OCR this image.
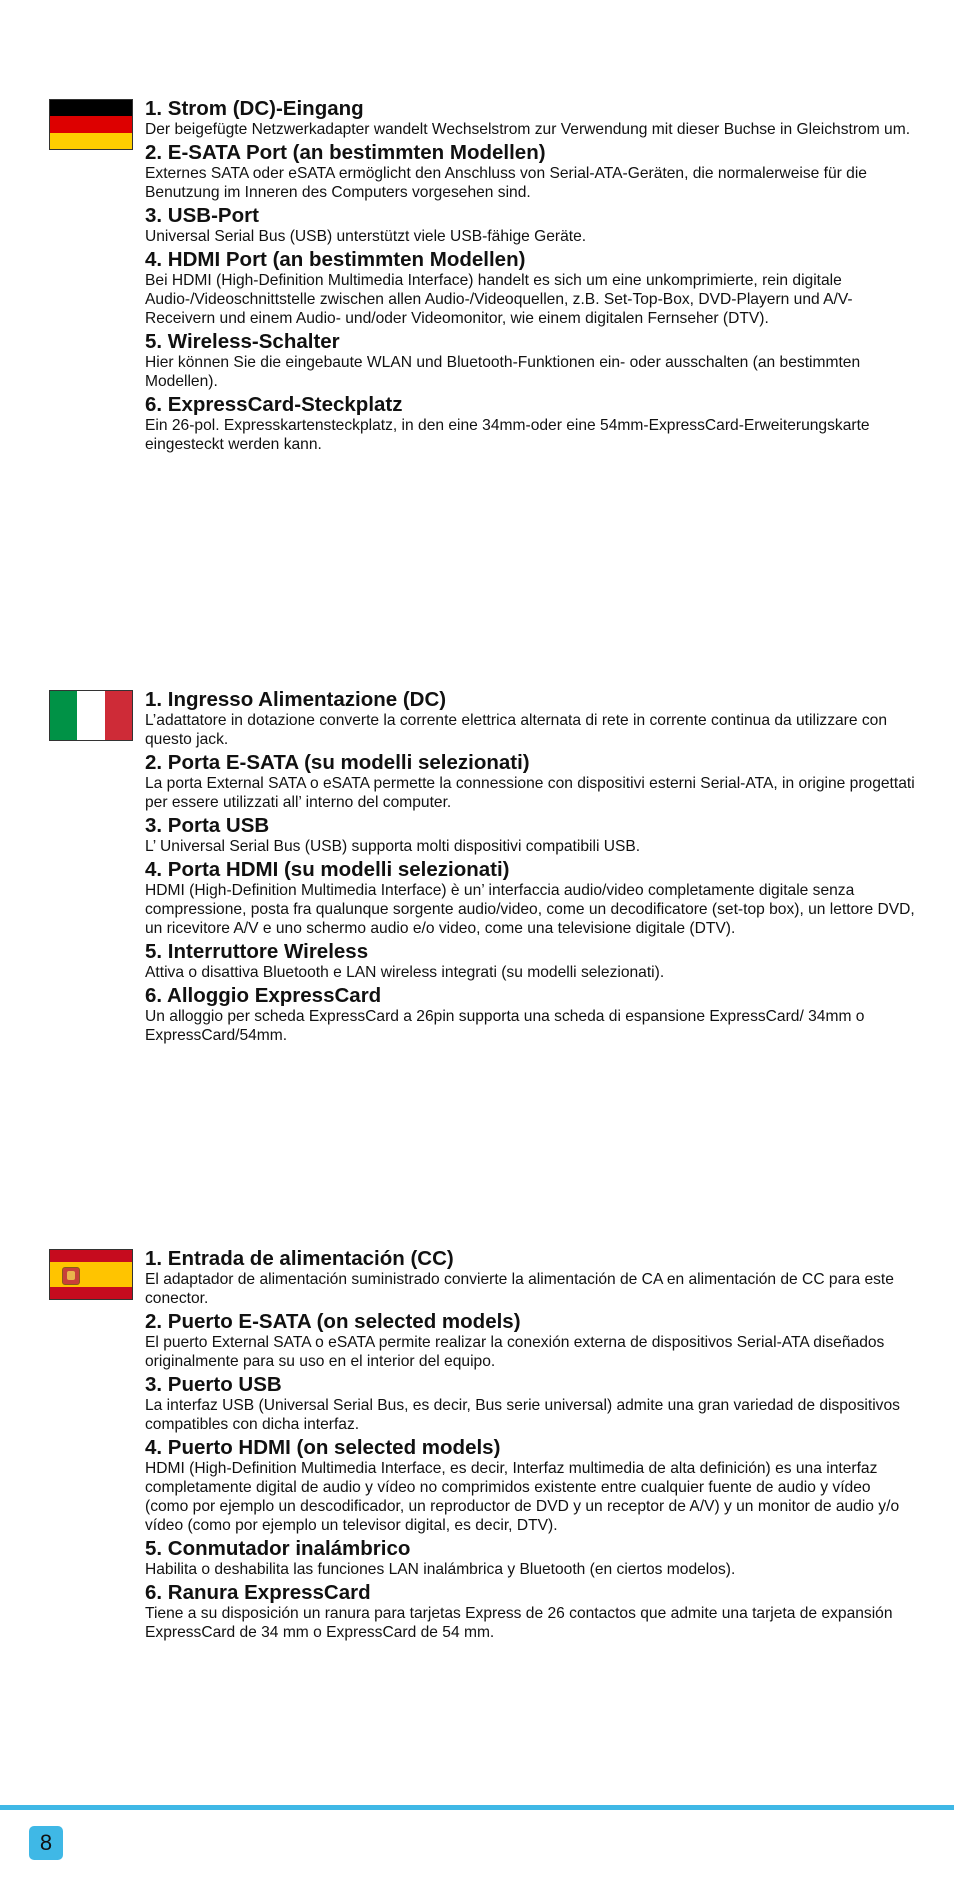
1. Strom (DC)-Eingang

Der beigefügte Netzwerkadapter wandelt Wechselstrom zur Verwendung mit dieser Buchse in Gleichstrom um.

2. E-SATA Port (an bestimmten Modellen)

Externes SATA oder eSATA ermöglicht den Anschluss von Serial-ATA-Geräten, die normalerweise für die Benutzung im Inneren des Computers vorgesehen sind.

3. USB-Port

Universal Serial Bus (USB) unterstützt viele USB-fähige Geräte.

4. HDMI Port (an bestimmten Modellen)

Bei HDMI (High-Definition Multimedia Interface) handelt es sich um eine unkomprimierte, rein digitale Audio-/Videoschnittstelle zwischen allen Audio-/Videoquellen, z.B. Set-Top-Box, DVD-Playern und A/V-Receivern und einem Audio- und/oder Videomonitor, wie einem digitalen Fernseher (DTV).

5. Wireless-Schalter

Hier können Sie die eingebaute WLAN und Bluetooth-Funktionen ein- oder ausschalten (an bestimmten Modellen).

6. ExpressCard-Steckplatz

Ein 26-pol. Expresskartensteckplatz, in den eine 34mm-oder eine 54mm-ExpressCard-Erweiterungskarte eingesteckt werden kann.

1. Ingresso Alimentazione (DC)

L’adattatore in dotazione converte la corrente elettrica alternata di rete in corrente continua da utilizzare con questo jack.

2. Porta E-SATA (su modelli selezionati)

La porta External SATA o eSATA permette la connessione con dispositivi esterni Serial-ATA, in origine progettati per essere utilizzati all’ interno del computer.

3. Porta USB

L’ Universal Serial Bus (USB) supporta molti dispositivi compatibili USB.

4. Porta HDMI (su modelli selezionati)

HDMI (High-Definition Multimedia Interface) è un’ interfaccia audio/video completamente digitale senza compressione, posta fra qualunque sorgente audio/video, come un decodificatore (set-top box), un lettore DVD, un ricevitore A/V e uno schermo audio e/o video, come una televisione digitale (DTV).

5. Interruttore Wireless

Attiva o disattiva Bluetooth e LAN wireless integrati (su modelli selezionati).

6. Alloggio ExpressCard

Un alloggio per scheda ExpressCard a 26pin supporta una scheda di espansione ExpressCard/ 34mm o ExpressCard/54mm.

1. Entrada de alimentación (CC)

El adaptador de alimentación suministrado convierte la alimentación de CA en alimentación de CC para este conector.

2. Puerto E-SATA (on selected models)

El puerto External SATA o eSATA permite realizar la conexión externa de dispositivos Serial-ATA diseñados originalmente para su uso en el interior del equipo.

3. Puerto USB

La interfaz USB (Universal Serial Bus, es decir, Bus serie universal) admite una gran variedad de dispositivos compatibles con dicha interfaz.

4. Puerto HDMI (on selected models)

HDMI (High-Definition Multimedia Interface, es decir, Interfaz multimedia de alta definición) es una interfaz completamente digital de audio y vídeo no comprimidos existente entre cualquier fuente de audio y vídeo (como por ejemplo un descodificador, un reproductor de DVD y un receptor de A/V) y un monitor de audio y/o vídeo (como por ejemplo un televisor digital, es decir, DTV).

5. Conmutador inalámbrico

Habilita o deshabilita las funciones LAN inalámbrica y Bluetooth (en ciertos modelos).

6. Ranura ExpressCard

Tiene a su disposición un ranura para tarjetas Express de 26 contactos que admite una tarjeta de expansión ExpressCard de 34 mm o ExpressCard de 54 mm.

8
